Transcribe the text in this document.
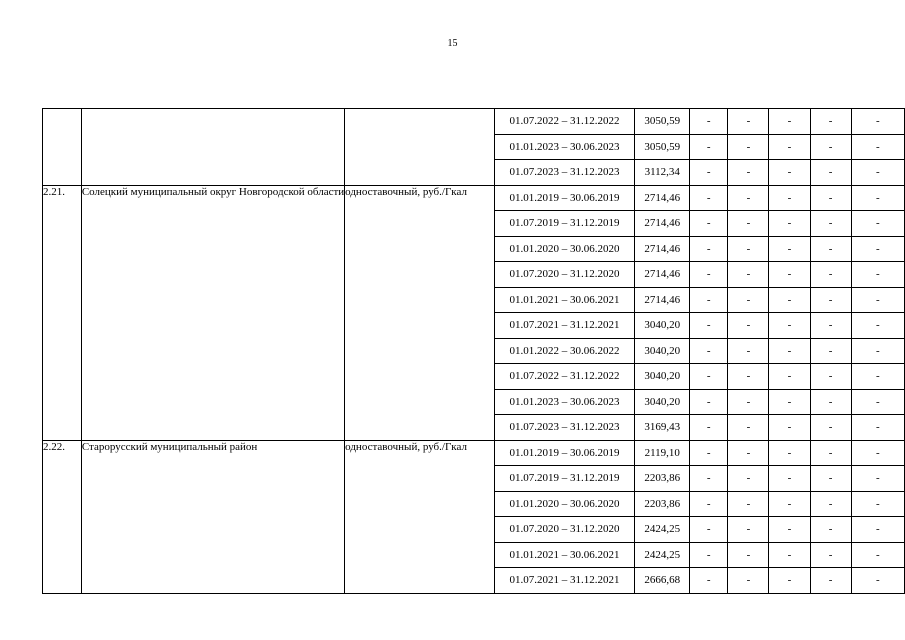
15
			01.07.2022 – 31.12.2022	3050,59	-	-	-	-	-
			01.01.2023 – 30.06.2023	3050,59	-	-	-	-	-
			01.07.2023 – 31.12.2023	3112,34	-	-	-	-	-
2.21.	Солецкий муниципальный округ Новгородской области	одноставочный, руб./Гкал	01.01.2019 – 30.06.2019	2714,46	-	-	-	-	-
			01.07.2019 – 31.12.2019	2714,46	-	-	-	-	-
			01.01.2020 – 30.06.2020	2714,46	-	-	-	-	-
			01.07.2020 – 31.12.2020	2714,46	-	-	-	-	-
			01.01.2021 – 30.06.2021	2714,46	-	-	-	-	-
			01.07.2021 – 31.12.2021	3040,20	-	-	-	-	-
			01.01.2022 – 30.06.2022	3040,20	-	-	-	-	-
			01.07.2022 – 31.12.2022	3040,20	-	-	-	-	-
			01.01.2023 – 30.06.2023	3040,20	-	-	-	-	-
			01.07.2023 – 31.12.2023	3169,43	-	-	-	-	-
2.22.	Старорусский муниципальный район	одноставочный, руб./Гкал	01.01.2019 – 30.06.2019	2119,10	-	-	-	-	-
			01.07.2019 – 31.12.2019	2203,86	-	-	-	-	-
			01.01.2020 – 30.06.2020	2203,86	-	-	-	-	-
			01.07.2020 – 31.12.2020	2424,25	-	-	-	-	-
			01.01.2021 – 30.06.2021	2424,25	-	-	-	-	-
			01.07.2021 – 31.12.2021	2666,68	-	-	-	-	-
